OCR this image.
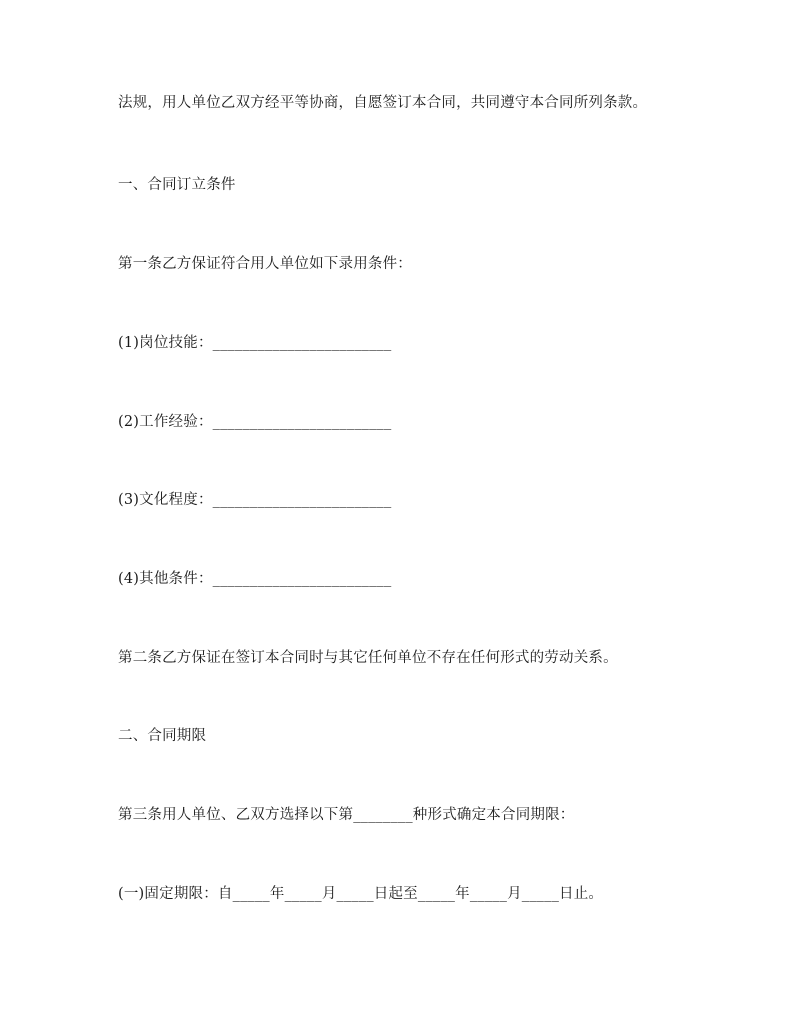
法规，用人单位乙双方经平等协商，自愿签订本合同，共同遵守本合同所列条款。
一、合同订立条件
第一条乙方保证符合用人单位如下录用条件：
(1)岗位技能：________________________
(2)工作经验：________________________
(3)文化程度：________________________
(4)其他条件：________________________
第二条乙方保证在签订本合同时与其它任何单位不存在任何形式的劳动关系。
二、合同期限
第三条用人单位、乙双方选择以下第________种形式确定本合同期限：
(一)固定期限：自_____年_____月_____日起至_____年_____月_____日止。
